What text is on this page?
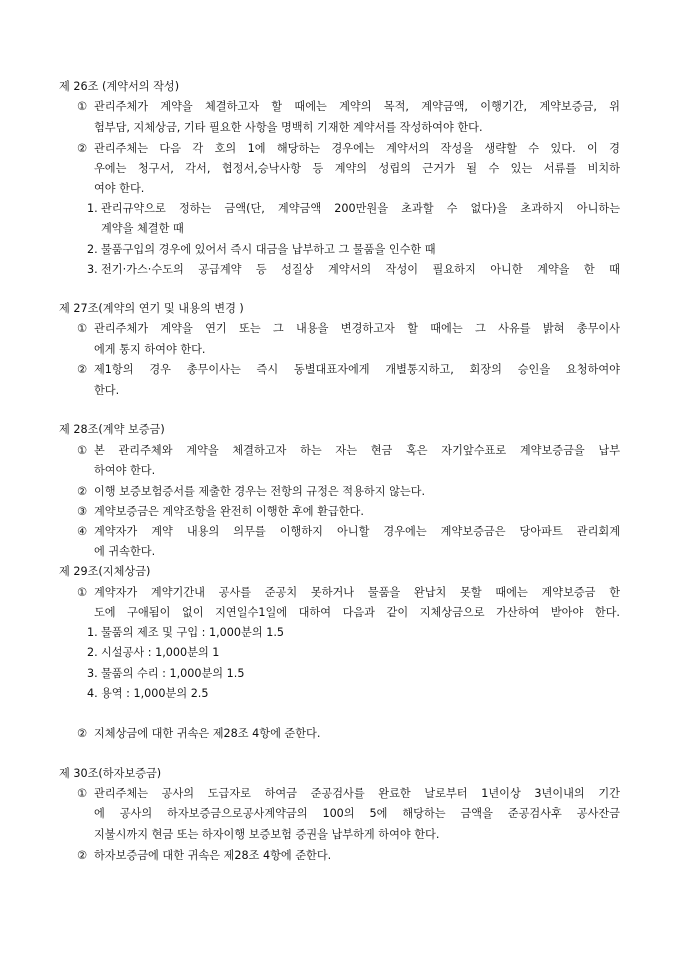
제 26조 (계약서의 작성)
① 관리주체가 계약을 체결하고자 할 때에는 계약의 목적, 계약금액, 이행기간, 계약보증금, 위
험부담, 지체상금, 기타 필요한 사항을 명백히 기재한 계약서를 작성하여야 한다.
② 관리주체는 다음 각 호의 1에 해당하는 경우에는 계약서의 작성을 생략할 수 있다. 이 경
우에는 청구서, 각서, 협정서,승낙사항 등 계약의 성립의 근거가 될 수 있는 서류를 비치하
여야 한다.
1. 관리규약으로 정하는 금액(단, 계약금액 200만원을 초과할 수 없다)을 초과하지 아니하는
계약을 체결한 때
2. 물품구입의 경우에 있어서 즉시 대금을 납부하고 그 물품을 인수한 때
3. 전기·가스·수도의 공급계약 등 성질상 계약서의 작성이 필요하지 아니한 계약을 한 때
제 27조(계약의 연기 및 내용의 변경 )
① 관리주체가 계약을 연기 또는 그 내용을 변경하고자 할 때에는 그 사유를 밝혀 총무이사
에게 통지 하여야 한다.
② 제1항의 경우 총무이사는 즉시 동별대표자에게 개별통지하고, 회장의 승인을 요청하여야
한다.
제 28조(계약 보증금)
① 본 관리주체와 계약을 체결하고자 하는 자는 현금 혹은 자기앞수표로 계약보증금을 납부
하여야 한다.
② 이행 보증보험증서를 제출한 경우는 전항의 규정은 적용하지 않는다.
③ 계약보증금은 계약조항을 완전히 이행한 후에 환급한다.
④ 계약자가 계약 내용의 의무를 이행하지 아니할 경우에는 계약보증금은 당아파트 관리회계
에 귀속한다.
제 29조(지체상금)
① 계약자가 계약기간내 공사를 준공치 못하거나 물품을 완납치 못할 때에는 계약보증금 한
도에 구애됨이 없이 지연일수1일에 대하여 다음과 같이 지체상금으로 가산하여 받아야 한다.
1. 물품의 제조 및 구입 : 1,000분의 1.5
2. 시설공사 : 1,000분의 1
3. 물품의 수리 : 1,000분의 1.5
4. 용역 : 1,000분의 2.5
② 지체상금에 대한 귀속은 제28조 4항에 준한다.
제 30조(하자보증금)
① 관리주체는 공사의 도급자로 하여금 준공검사를 완료한 날로부터 1년이상 3년이내의 기간
에 공사의 하자보증금으로공사계약금의 100의 5에 해당하는 금액을 준공검사후 공사잔금
지불시까지 현금 또는 하자이행 보증보험 증권을 납부하게 하여야 한다.
② 하자보증금에 대한 귀속은 제28조 4항에 준한다.
